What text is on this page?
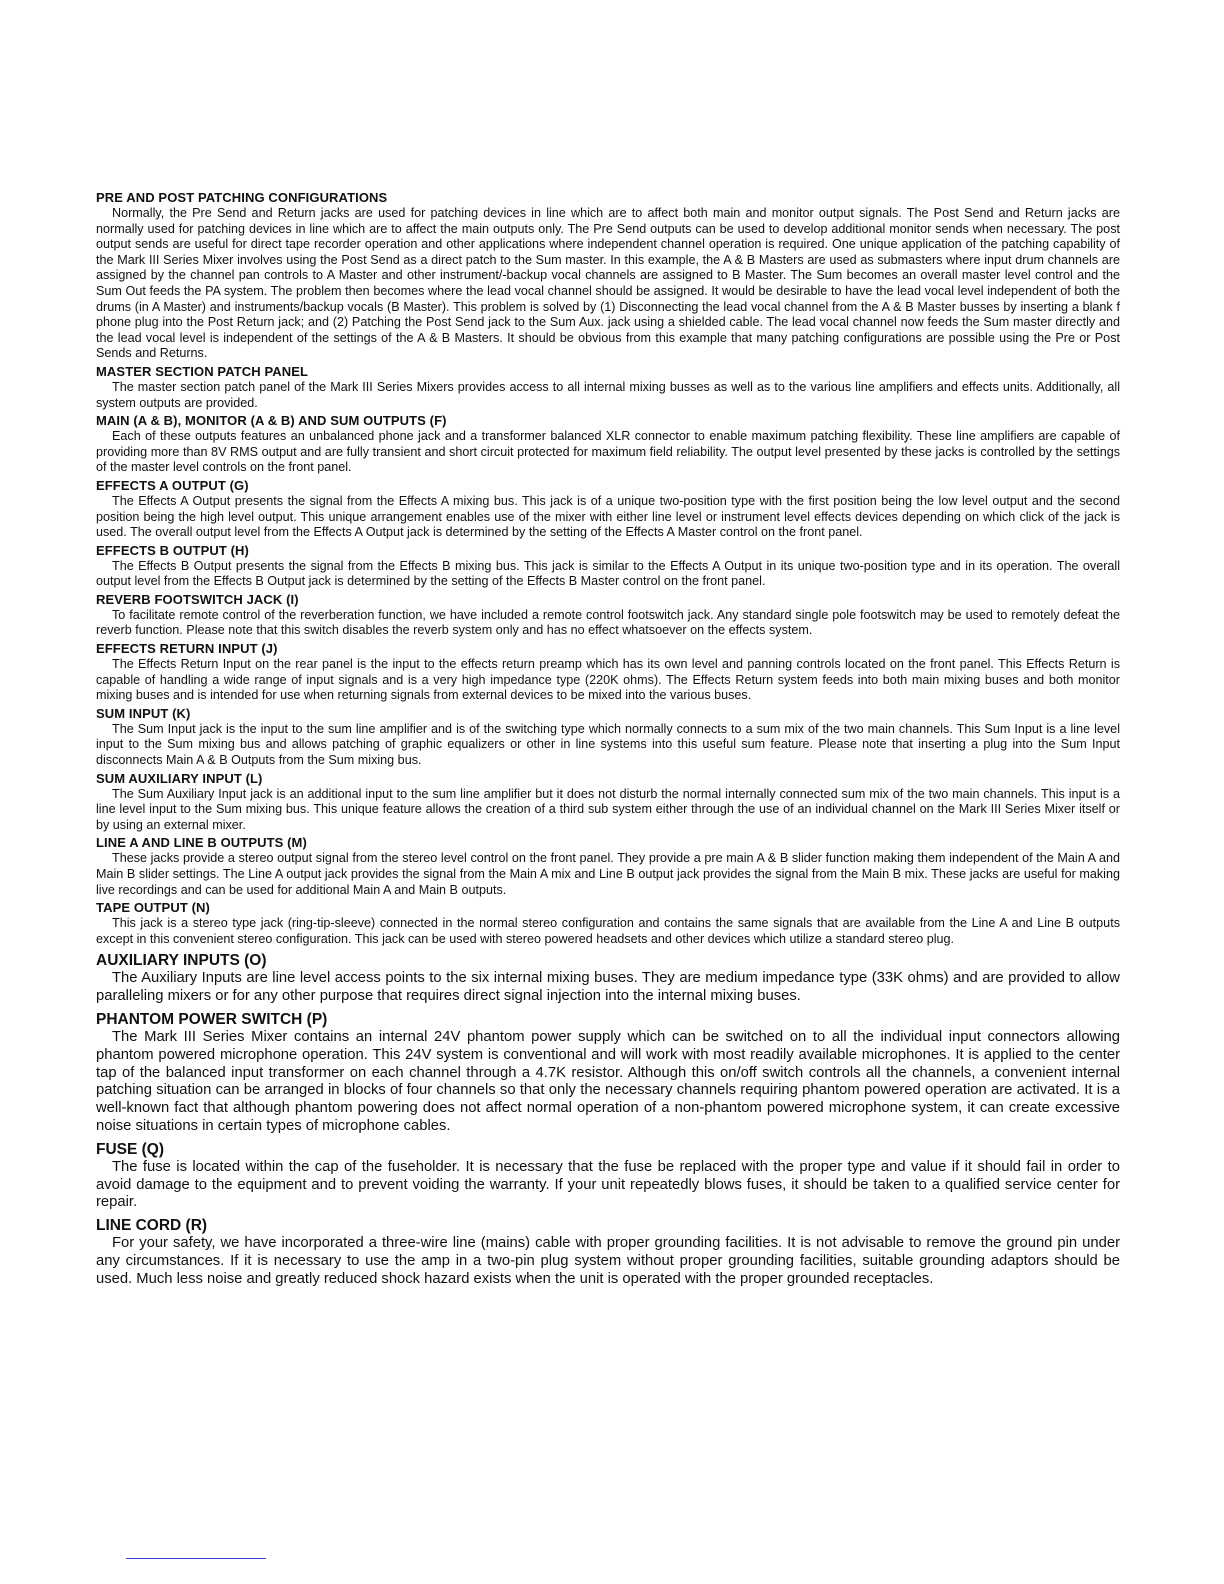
PRE AND POST PATCHING CONFIGURATIONS

Normally, the Pre Send and Return jacks are used for patching devices in line which are to affect both main and monitor output signals. The Post Send and Return jacks are normally used for patching devices in line which are to affect the main outputs only. The Pre Send outputs can be used to develop additional monitor sends when necessary. The post output sends are useful for direct tape recorder operation and other applications where independent channel operation is required. One unique application of the patching capability of the Mark III Series Mixer involves using the Post Send as a direct patch to the Sum master. In this example, the A & B Masters are used as submasters where input drum channels are assigned by the channel pan controls to A Master and other instrument/-backup vocal channels are assigned to B Master. The Sum becomes an overall master level control and the Sum Out feeds the PA system. The problem then becomes where the lead vocal channel should be assigned. It would be desirable to have the lead vocal level independent of both the drums (in A Master) and instruments/backup vocals (B Master). This problem is solved by (1) Disconnecting the lead vocal channel from the A & B Master busses by inserting a blank f phone plug into the Post Return jack; and (2) Patching the Post Send jack to the Sum Aux. jack using a shielded cable. The lead vocal channel now feeds the Sum master directly and the lead vocal level is independent of the settings of the A & B Masters. It should be obvious from this example that many patching configurations are possible using the Pre or Post Sends and Returns.

MASTER SECTION PATCH PANEL

The master section patch panel of the Mark III Series Mixers provides access to all internal mixing busses as well as to the various line amplifiers and effects units. Additionally, all system outputs are provided.

MAIN (A & B), MONITOR (A & B) AND SUM OUTPUTS (F)

Each of these outputs features an unbalanced phone jack and a transformer balanced XLR connector to enable maximum patching flexibility. These line amplifiers are capable of providing more than 8V RMS output and are fully transient and short circuit protected for maximum field reliability. The output level presented by these jacks is controlled by the settings of the master level controls on the front panel.

EFFECTS A OUTPUT (G)

The Effects A Output presents the signal from the Effects A mixing bus. This jack is of a unique two-position type with the first position being the low level output and the second position being the high level output. This unique arrangement enables use of the mixer with either line level or instrument level effects devices depending on which click of the jack is used. The overall output level from the Effects A Output jack is determined by the setting of the Effects A Master control on the front panel.

EFFECTS B OUTPUT (H)

The Effects B Output presents the signal from the Effects B mixing bus. This jack is similar to the Effects A Output in its unique two-position type and in its operation. The overall output level from the Effects B Output jack is determined by the setting of the Effects B Master control on the front panel.

REVERB FOOTSWITCH JACK (I)

To facilitate remote control of the reverberation function, we have included a remote control footswitch jack. Any standard single pole footswitch may be used to remotely defeat the reverb function. Please note that this switch disables the reverb system only and has no effect whatsoever on the effects system.

EFFECTS RETURN INPUT (J)

The Effects Return Input on the rear panel is the input to the effects return preamp which has its own level and panning controls located on the front panel. This Effects Return is capable of handling a wide range of input signals and is a very high impedance type (220K ohms). The Effects Return system feeds into both main mixing buses and both monitor mixing buses and is intended for use when returning signals from external devices to be mixed into the various buses.

SUM INPUT (K)

The Sum Input jack is the input to the sum line amplifier and is of the switching type which normally connects to a sum mix of the two main channels. This Sum Input is a line level input to the Sum mixing bus and allows patching of graphic equalizers or other in line systems into this useful sum feature. Please note that inserting a plug into the Sum Input disconnects Main A & B Outputs from the Sum mixing bus.

SUM AUXILIARY INPUT (L)

The Sum Auxiliary Input jack is an additional input to the sum line amplifier but it does not disturb the normal internally connected sum mix of the two main channels. This input is a line level input to the Sum mixing bus. This unique feature allows the creation of a third sub system either through the use of an individual channel on the Mark III Series Mixer itself or by using an external mixer.

LINE A AND LINE B OUTPUTS (M)

These jacks provide a stereo output signal from the stereo level control on the front panel. They provide a pre main A & B slider function making them independent of the Main A and Main B slider settings. The Line A output jack provides the signal from the Main A mix and Line B output jack provides the signal from the Main B mix. These jacks are useful for making live recordings and can be used for additional Main A and Main B outputs.

TAPE OUTPUT (N)

This jack is a stereo type jack (ring-tip-sleeve) connected in the normal stereo configuration and contains the same signals that are available from the Line A and Line B outputs except in this convenient stereo configuration. This jack can be used with stereo powered headsets and other devices which utilize a standard stereo plug.

AUXILIARY INPUTS (O)

The Auxiliary Inputs are line level access points to the six internal mixing buses. They are medium impedance type (33K ohms) and are provided to allow paralleling mixers or for any other purpose that requires direct signal injection into the internal mixing buses.

PHANTOM POWER SWITCH (P)

The Mark III Series Mixer contains an internal 24V phantom power supply which can be switched on to all the individual input connectors allowing phantom powered microphone operation. This 24V system is conventional and will work with most readily available microphones. It is applied to the center tap of the balanced input transformer on each channel through a 4.7K resistor. Although this on/off switch controls all the channels, a convenient internal patching situation can be arranged in blocks of four channels so that only the necessary channels requiring phantom powered operation are activated. It is a well-known fact that although phantom powering does not affect normal operation of a non-phantom powered microphone system, it can create excessive noise situations in certain types of microphone cables.

FUSE (Q)

The fuse is located within the cap of the fuseholder. It is necessary that the fuse be replaced with the proper type and value if it should fail in order to avoid damage to the equipment and to prevent voiding the warranty. If your unit repeatedly blows fuses, it should be taken to a qualified service center for repair.

LINE CORD (R)

For your safety, we have incorporated a three-wire line (mains) cable with proper grounding facilities. It is not advisable to remove the ground pin under any circumstances. If it is necessary to use the amp in a two-pin plug system without proper grounding facilities, suitable grounding adaptors should be used. Much less noise and greatly reduced shock hazard exists when the unit is operated with the proper grounded receptacles.
